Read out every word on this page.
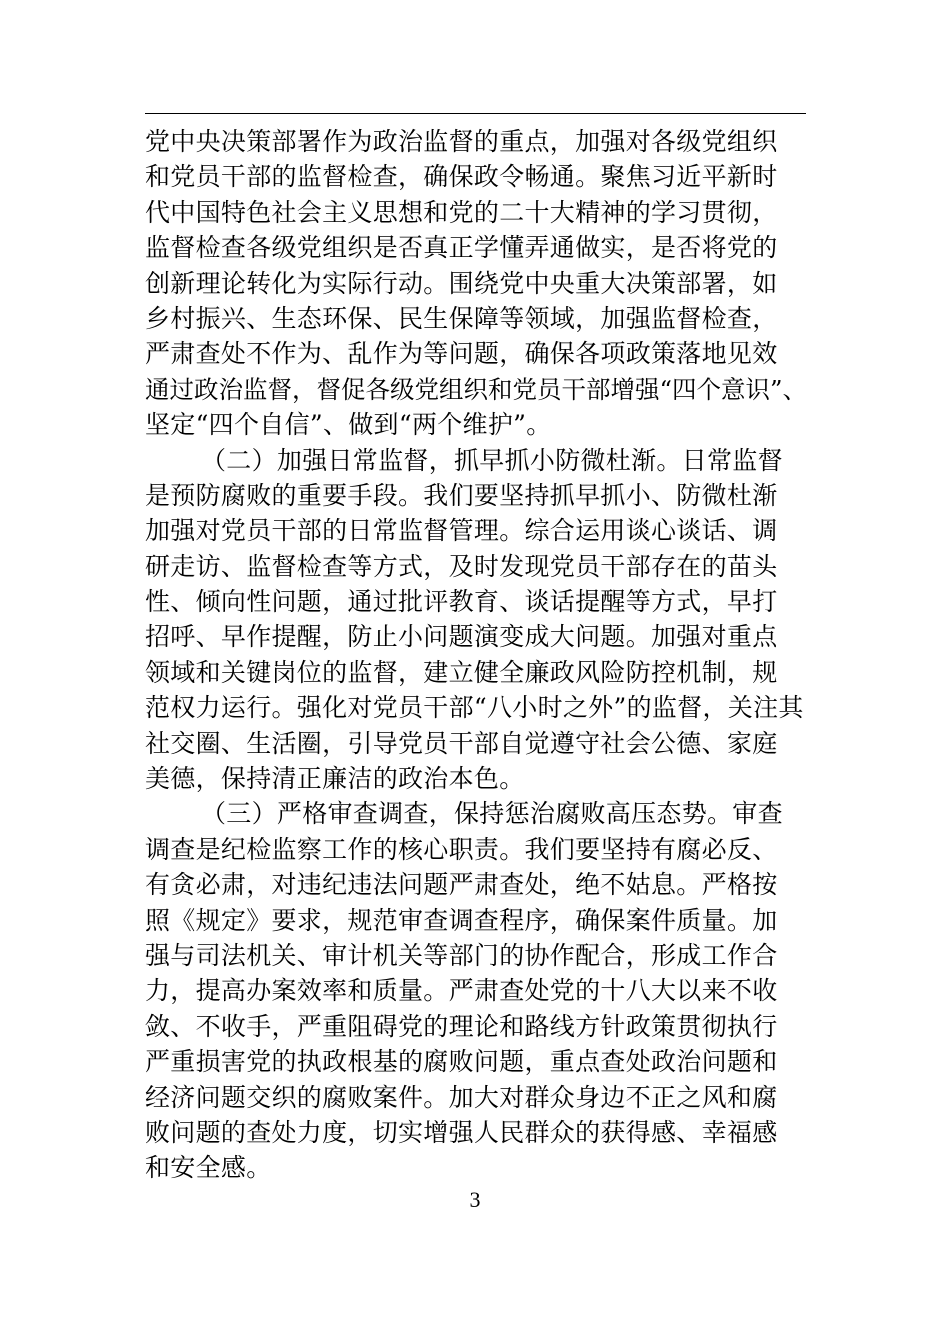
党中央决策部署作为政治监督的重点，加强对各级党组织
和党员干部的监督检查，确保政令畅通。聚焦习近平新时
代中国特色社会主义思想和党的二十大精神的学习贯彻，
监督检查各级党组织是否真正学懂弄通做实，是否将党的
创新理论转化为实际行动。围绕党中央重大决策部署，如
乡村振兴、生态环保、民生保障等领域，加强监督检查，
严肃查处不作为、乱作为等问题，确保各项政策落地见效
通过政治监督，督促各级党组织和党员干部增强“四个意识”、
坚定“四个自信”、做到“两个维护”。
（二）加强日常监督，抓早抓小防微杜渐。日常监督
是预防腐败的重要手段。我们要坚持抓早抓小、防微杜渐
加强对党员干部的日常监督管理。综合运用谈心谈话、调
研走访、监督检查等方式，及时发现党员干部存在的苗头
性、倾向性问题，通过批评教育、谈话提醒等方式，早打
招呼、早作提醒，防止小问题演变成大问题。加强对重点
领域和关键岗位的监督，建立健全廉政风险防控机制，规
范权力运行。强化对党员干部“八小时之外”的监督，关注其
社交圈、生活圈，引导党员干部自觉遵守社会公德、家庭
美德，保持清正廉洁的政治本色。
（三）严格审查调查，保持惩治腐败高压态势。审查
调查是纪检监察工作的核心职责。我们要坚持有腐必反、
有贪必肃，对违纪违法问题严肃查处，绝不姑息。严格按
照《规定》要求，规范审查调查程序，确保案件质量。加
强与司法机关、审计机关等部门的协作配合，形成工作合
力，提高办案效率和质量。严肃查处党的十八大以来不收
敛、不收手，严重阻碍党的理论和路线方针政策贯彻执行
严重损害党的执政根基的腐败问题，重点查处政治问题和
经济问题交织的腐败案件。加大对群众身边不正之风和腐
败问题的查处力度，切实增强人民群众的获得感、幸福感
和安全感。
3
